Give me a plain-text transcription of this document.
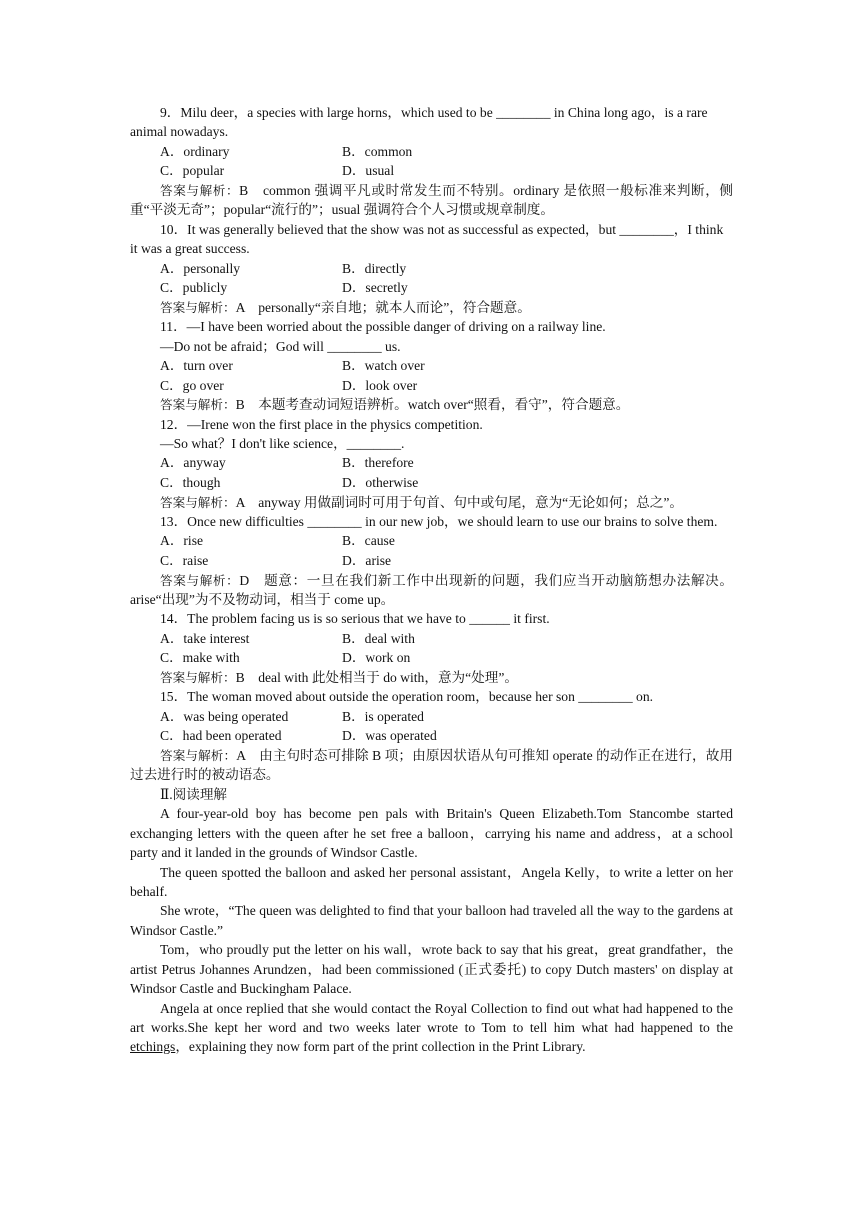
9．Milu deer，a species with large horns，which used to be ________ in China long ago，is a rare animal nowadays.

A．ordinary	B．common
C．popular	D．usual

答案与解析：B　common 强调平凡或时常发生而不特别。ordinary 是依照一般标准来判断，侧重“平淡无奇”；popular“流行的”；usual 强调符合个人习惯或规章制度。

10．It was generally believed that the show was not as successful as expected，but ________，I think it was a great success.

A．personally	B．directly
C．publicly	D．secretly

答案与解析：A　personally“亲自地；就本人而论”，符合题意。

11．—I have been worried about the possible danger of driving on a railway line.

—Do not be afraid；God will ________ us.

A．turn over	B．watch over
C．go over	D．look over

答案与解析：B　本题考查动词短语辨析。watch over“照看，看守”，符合题意。

12．—Irene won the first place in the physics competition.

—So what？I don't like science，________.

A．anyway	B．therefore
C．though	D．otherwise

答案与解析：A　anyway 用做副词时可用于句首、句中或句尾，意为“无论如何；总之”。

13．Once new difficulties ________ in our new job，we should learn to use our brains to solve them.

A．rise	B．cause
C．raise	D．arise

答案与解析：D　题意：一旦在我们新工作中出现新的问题，我们应当开动脑筋想办法解决。arise“出现”为不及物动词，相当于 come up。

14．The problem facing us is so serious that we have to ______ it first.

A．take interest	B．deal with
C．make with	D．work on

答案与解析：B　deal with 此处相当于 do with，意为“处理”。

15．The woman moved about outside the operation room，because her son ________ on.

A．was being operated	B．is operated
C．had been operated	D．was operated

答案与解析：A　由主句时态可排除 B 项；由原因状语从句可推知 operate 的动作正在进行，故用过去进行时的被动语态。

Ⅱ.阅读理解

A four-year-old boy has become pen pals with Britain's Queen Elizabeth.Tom Stancombe started exchanging letters with the queen after he set free a balloon，carrying his name and address，at a school party and it landed in the grounds of Windsor Castle.

The queen spotted the balloon and asked her personal assistant，Angela Kelly，to write a letter on her behalf.

She wrote，“The queen was delighted to find that your balloon had traveled all the way to the gardens at Windsor Castle.”

Tom，who proudly put the letter on his wall，wrote back to say that his great，great grandfather，the artist Petrus Johannes Arundzen，had been commissioned (正式委托) to copy Dutch masters' on display at Windsor Castle and Buckingham Palace.

Angela at once replied that she would contact the Royal Collection to find out what had happened to the art works.She kept her word and two weeks later wrote to Tom to tell him what had happened to the etchings，explaining they now form part of the print collection in the Print Library.
